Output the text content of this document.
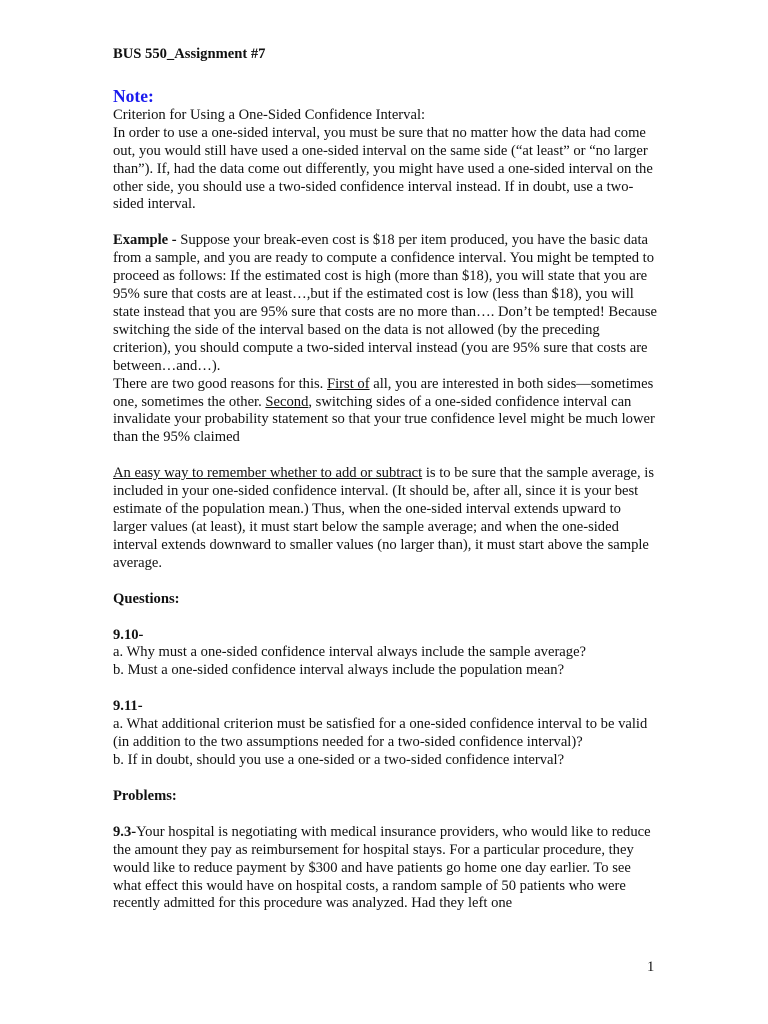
BUS 550_Assignment #7

Note:

Criterion for Using a One-Sided Confidence Interval:

In order to use a one-sided interval, you must be sure that no matter how the data had come out, you would still have used a one-sided interval on the same side (“at least” or “no larger than”). If, had the data come out differently, you might have used a one-sided interval on the other side, you should use a two-sided confidence interval instead. If in doubt, use a two-sided interval.

Example - Suppose your break-even cost is $18 per item produced, you have the basic data from a sample, and you are ready to compute a confidence interval. You might be tempted to proceed as follows: If the estimated cost is high (more than $18), you will state that you are 95% sure that costs are at least…,but if the estimated cost is low (less than $18), you will state instead that you are 95% sure that costs are no more than…. Don’t be tempted! Because switching the side of the interval based on the data is not allowed (by the preceding criterion), you should compute a two-sided interval instead (you are 95% sure that costs are between…and…).

There are two good reasons for this. First of all, you are interested in both sides—sometimes one, sometimes the other. Second, switching sides of a one-sided confidence interval can invalidate your probability statement so that your true confidence level might be much lower than the 95% claimed

An easy way to remember whether to add or subtract is to be sure that the sample average, is included in your one-sided confidence interval. (It should be, after all, since it is your best estimate of the population mean.) Thus, when the one-sided interval extends upward to larger values (at least), it must start below the sample average; and when the one-sided interval extends downward to smaller values (no larger than), it must start above the sample average.

Questions:

9.10-

a. Why must a one-sided confidence interval always include the sample average?

b. Must a one-sided confidence interval always include the population mean?

9.11-

a. What additional criterion must be satisfied for a one-sided confidence interval to be valid (in addition to the two assumptions needed for a two-sided confidence interval)?

b. If in doubt, should you use a one-sided or a two-sided confidence interval?

Problems:

9.3-Your hospital is negotiating with medical insurance providers, who would like to reduce the amount they pay as reimbursement for hospital stays. For a particular procedure, they would like to reduce payment by $300 and have patients go home one day earlier. To see what effect this would have on hospital costs, a random sample of 50 patients who were recently admitted for this procedure was analyzed. Had they left one

1
